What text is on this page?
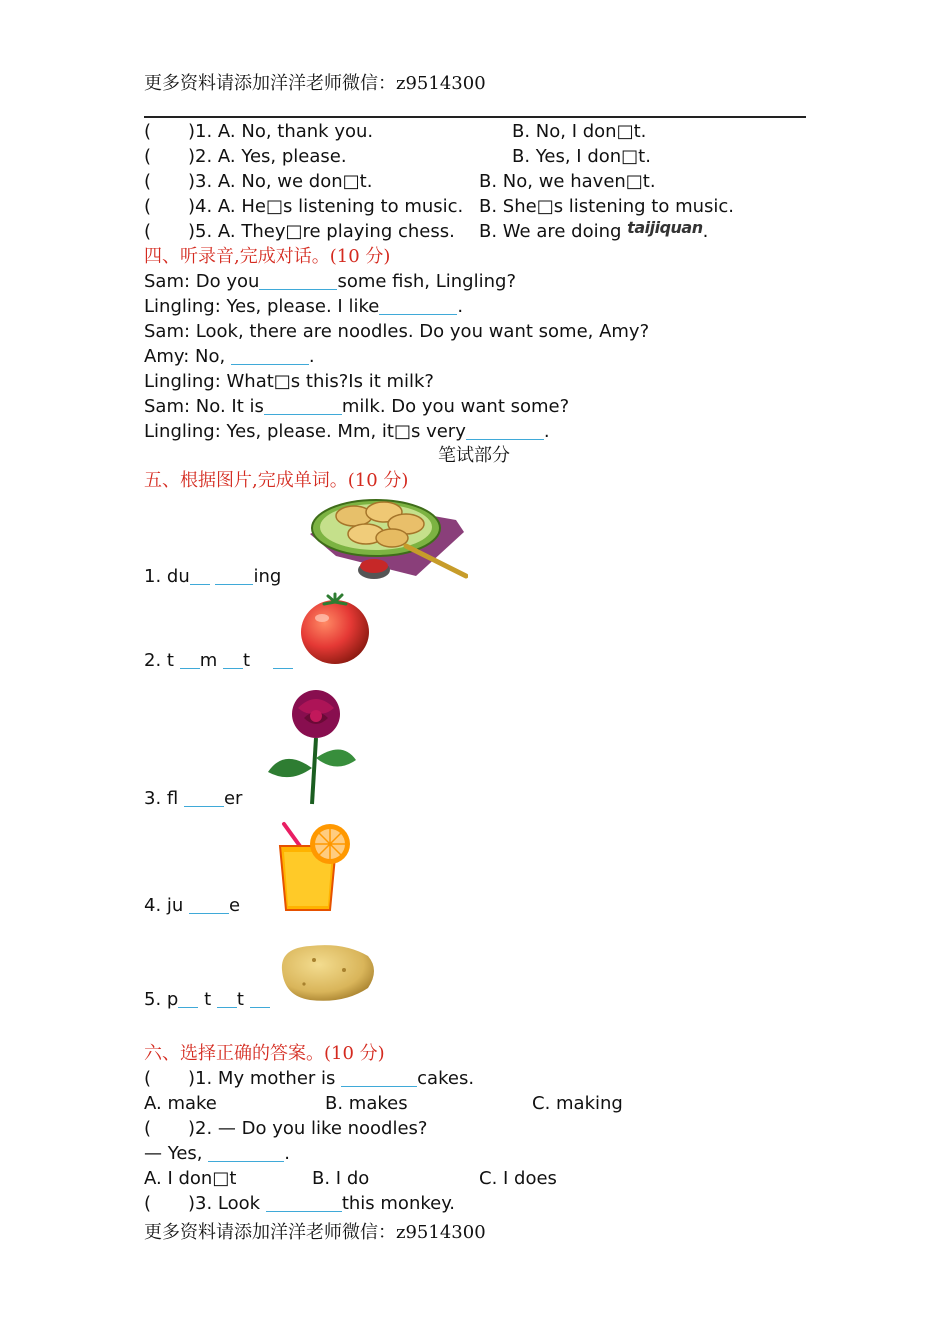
更多资料请添加洋洋老师微信：z9514300
( )1. A. No, thank you.	B. No, I don□t.
( )2. A. Yes, please.	B. Yes, I don□t.
( )3. A. No, we don□t.	B. No, we haven□t.
( )4. A. He□s listening to music. B. She□s listening to music.
( )5. A. They□re playing chess. B. We are doing taijiquan.
四、听录音,完成对话。(10 分)
Sam: Do you	some fish, Lingling?
Lingling: Yes, please. I like	.
Sam: Look, there are noodles. Do you want some, Amy?
Amy: No,	.
Lingling: What□s this?Is it milk?
Sam: No. It is	milk. Do you want some?
Lingling: Yes, please. Mm, it□s very	.
笔试部分
五、根据图片,完成单词。(10 分)
1. du	ing
2. t m t
3. fl	er
4. ju	e
5. p t t
六、选择正确的答案。(10 分)
( )1. My mother is	cakes.
A. make	B. makes	C. making
( )2. — Do you like noodles?
— Yes,	.
A. I don□t	B. I do	C. I does
( )3. Look	this monkey.
更多资料请添加洋洋老师微信：z9514300
